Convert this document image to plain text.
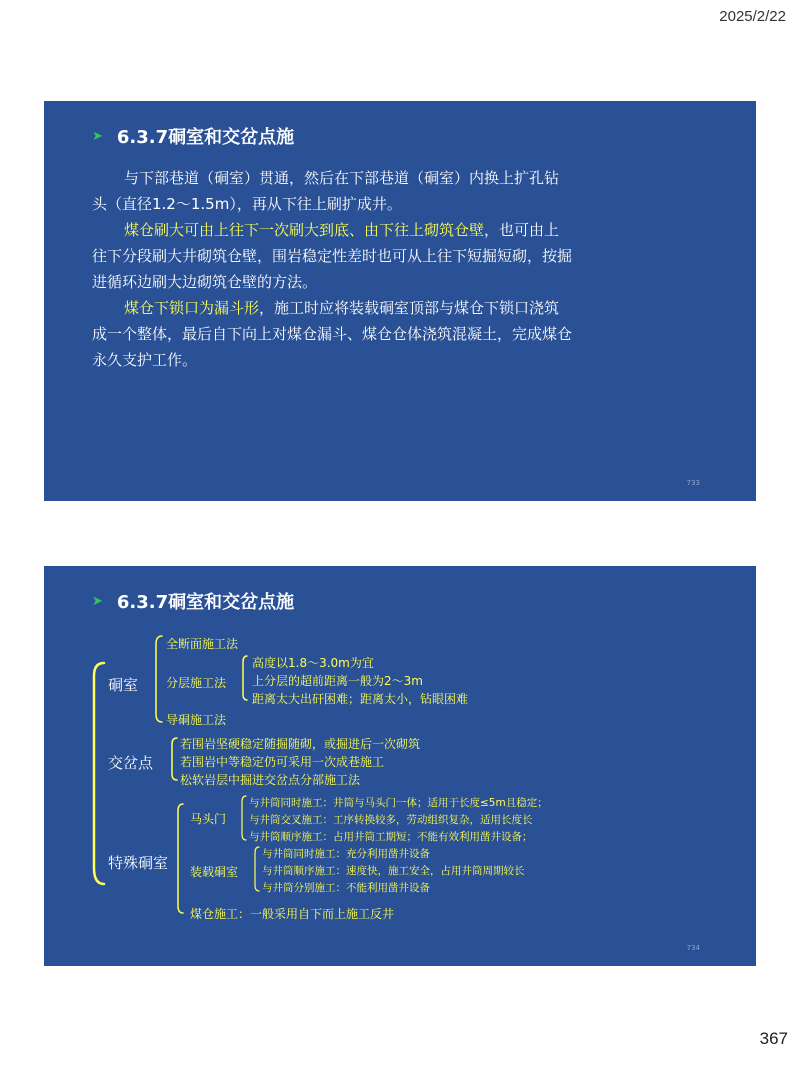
2025/2/22
➤ 6.3.7硐室和交岔点施

与下部巷道（硐室）贯通，然后在下部巷道（硐室）内换上扩孔钻头（直径1.2～1.5m），再从下往上刷扩成井。

煤仓刷大可由上往下一次刷大到底、由下往上砌筑仓壁，也可由上往下分段刷大井砌筑仓壁，围岩稳定性差时也可从上往下短掘短砌，按掘进循环边刷大边砌筑仓壁的方法。

煤仓下锁口为漏斗形，施工时应将装载硐室顶部与煤仓下锁口浇筑成一个整体，最后自下向上对煤仓漏斗、煤仓仓体浇筑混凝土，完成煤仓永久支护工作。

733
➤ 6.3.7硐室和交岔点施
硐室
全断面施工法
分层施工法
高度以1.8～3.0m为宜
上分层的超前距离一般为2～3m
距离太大出矸困难；距离太小，钻眼困难
导硐施工法
交岔点
若围岩坚硬稳定随掘随砌，或掘进后一次砌筑
若围岩中等稳定仍可采用一次成巷施工
松软岩层中掘进交岔点分部施工法
特殊硐室
马头门
与井筒同时施工：井筒与马头门一体；适用于长度≤5m且稳定；
与井筒交叉施工：工序转换较多，劳动组织复杂，适用长度长
与井筒顺序施工：占用井筒工期短；不能有效利用凿井设备；
装载硐室
与井筒同时施工：充分利用凿井设备
与井筒顺序施工：速度快，施工安全，占用井筒周期较长
与井筒分别施工：不能利用凿井设备
煤仓施工：一般采用自下而上施工反井
734
367
